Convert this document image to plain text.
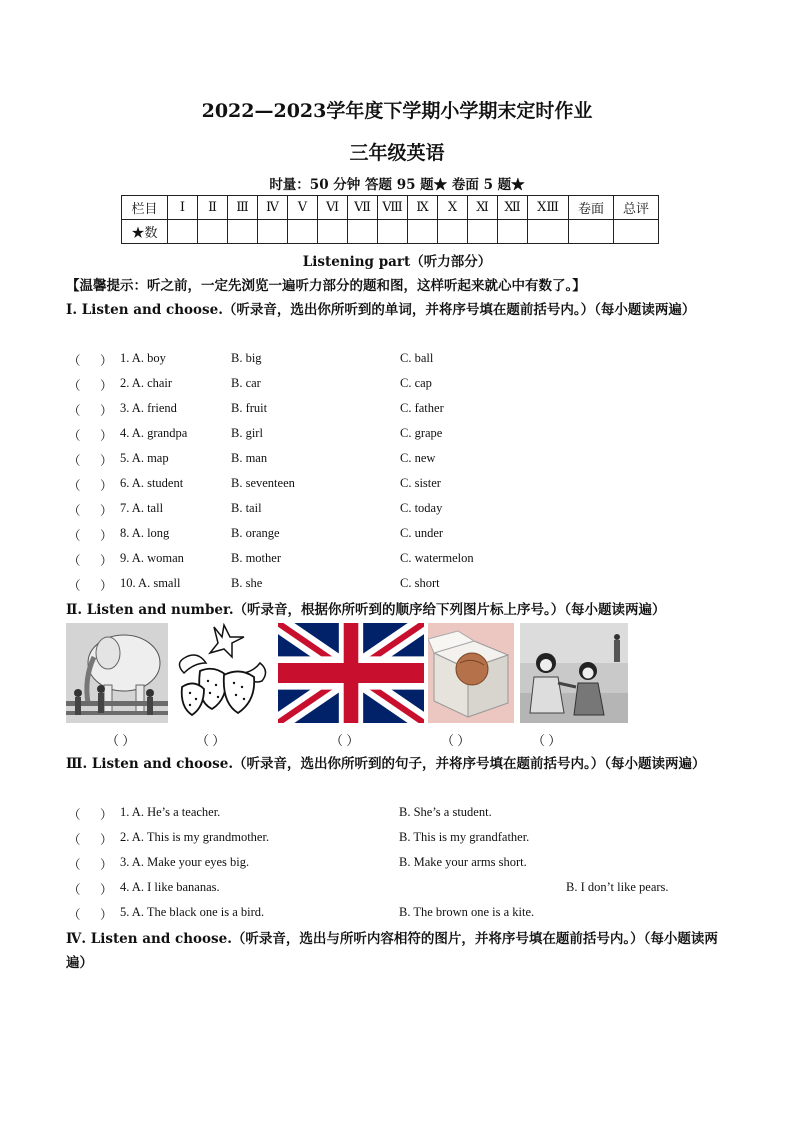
2022—2023学年度下学期小学期末定时作业
三年级英语
时量：50 分钟 答题 95 题★ 卷面 5 题★
栏目	Ⅰ	Ⅱ	Ⅲ	Ⅳ	Ⅴ	Ⅵ	Ⅶ	Ⅷ	Ⅸ	Ⅹ	Ⅺ	Ⅻ	ⅩⅢ	卷面	总评
★数															
Listening part（听力部分）
【温馨提示：听之前，一定先浏览一遍听力部分的题和图，这样听起来就心中有数了。】
Ⅰ. Listen and choose.（听录音，选出你所听到的单词，并将序号填在题前括号内。）（每小题读两遍）
（ ） 1. A. boy	B. big	C. ball
（ ） 2. A. chair	B. car	C. cap
（ ） 3. A. friend	B. fruit	C. father
（ ） 4. A. grandpa	B. girl	C. grape
（ ） 5. A. map	B. man	C. new
（ ） 6. A. student	B. seventeen	C. sister
（ ） 7. A. tall	B. tail	C. today
（ ） 8. A. long	B. orange	C. under
（ ） 9. A. woman	B. mother	C. watermelon
（ ） 10. A. small	B. she	C. short
Ⅱ. Listen and number.（听录音，根据你所听到的顺序给下列图片标上序号。）（每小题读两遍）
（ ）	（ ）	（ ）	（ ）	（ ）
Ⅲ. Listen and choose.（听录音，选出你所听到的句子，并将序号填在题前括号内。）（每小题读两遍）
（ ） 1. A. He’s a teacher.	B. She’s a student.
（ ） 2. A. This is my grandmother.	B. This is my grandfather.
（ ） 3. A. Make your eyes big.	B. Make your arms short.
（ ） 4. A. I like bananas.	B. I don’t like pears.
（ ） 5. A. The black one is a bird.	B. The brown one is a kite.
Ⅳ. Listen and choose.（听录音，选出与所听内容相符的图片，并将序号填在题前括号内。）（每小题读两遍）
